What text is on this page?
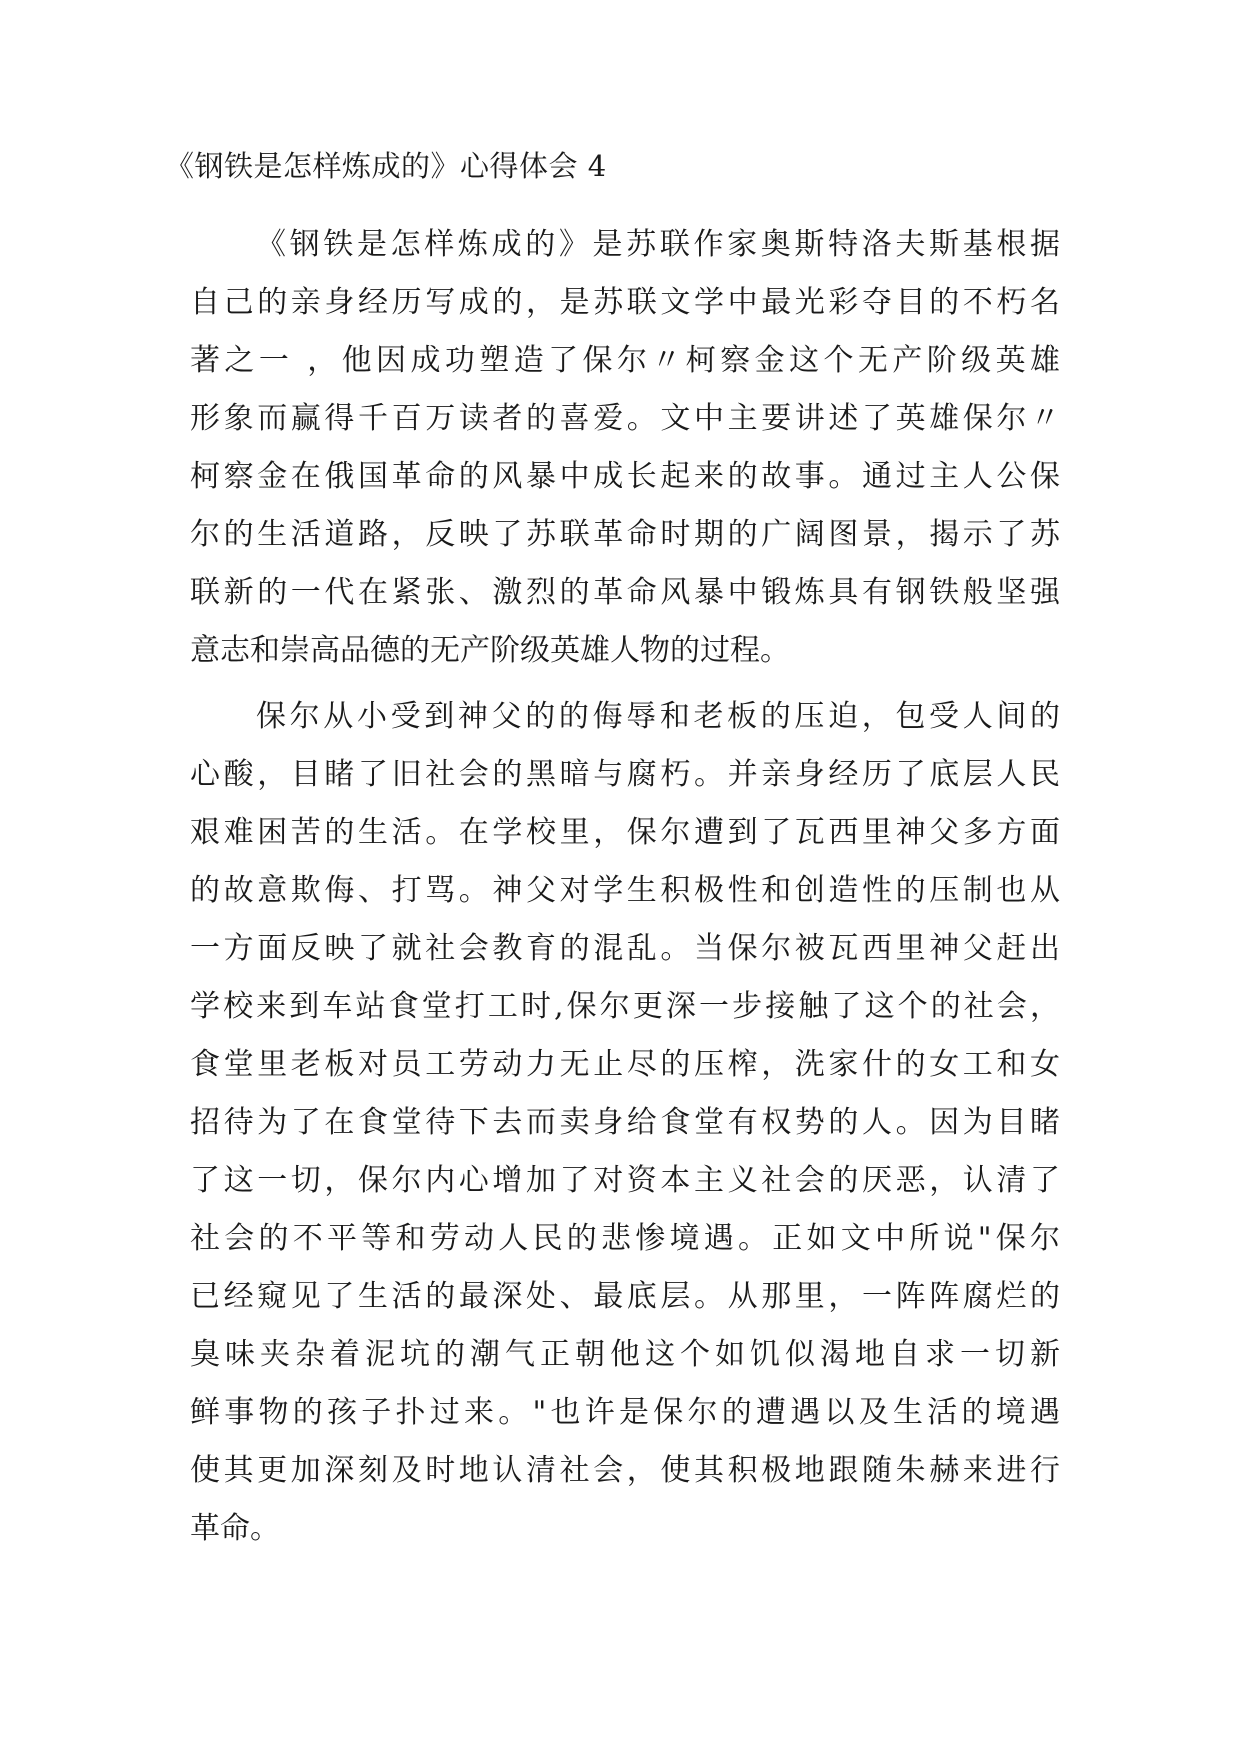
《钢铁是怎样炼成的》心得体会 4
《钢铁是怎样炼成的》是苏联作家奥斯特洛夫斯基根据
自己的亲身经历写成的，是苏联文学中最光彩夺目的不朽名
著之一 ，他因成功塑造了保尔〃柯察金这个无产阶级英雄
形象而赢得千百万读者的喜爱。文中主要讲述了英雄保尔〃
柯察金在俄国革命的风暴中成长起来的故事。通过主人公保
尔的生活道路，反映了苏联革命时期的广阔图景，揭示了苏
联新的一代在紧张、激烈的革命风暴中锻炼具有钢铁般坚强
意志和崇高品德的无产阶级英雄人物的过程。
保尔从小受到神父的的侮辱和老板的压迫，包受人间的
心酸，目睹了旧社会的黑暗与腐朽。并亲身经历了底层人民
艰难困苦的生活。在学校里，保尔遭到了瓦西里神父多方面
的故意欺侮、打骂。神父对学生积极性和创造性的压制也从
一方面反映了就社会教育的混乱。当保尔被瓦西里神父赶出
学校来到车站食堂打工时,保尔更深一步接触了这个的社会，
食堂里老板对员工劳动力无止尽的压榨，洗家什的女工和女
招待为了在食堂待下去而卖身给食堂有权势的人。因为目睹
了这一切，保尔内心增加了对资本主义社会的厌恶，认清了
社会的不平等和劳动人民的悲惨境遇。正如文中所说"保尔
已经窥见了生活的最深处、最底层。从那里，一阵阵腐烂的
臭味夹杂着泥坑的潮气正朝他这个如饥似渴地自求一切新
鲜事物的孩子扑过来。"也许是保尔的遭遇以及生活的境遇
使其更加深刻及时地认清社会，使其积极地跟随朱赫来进行
革命。
